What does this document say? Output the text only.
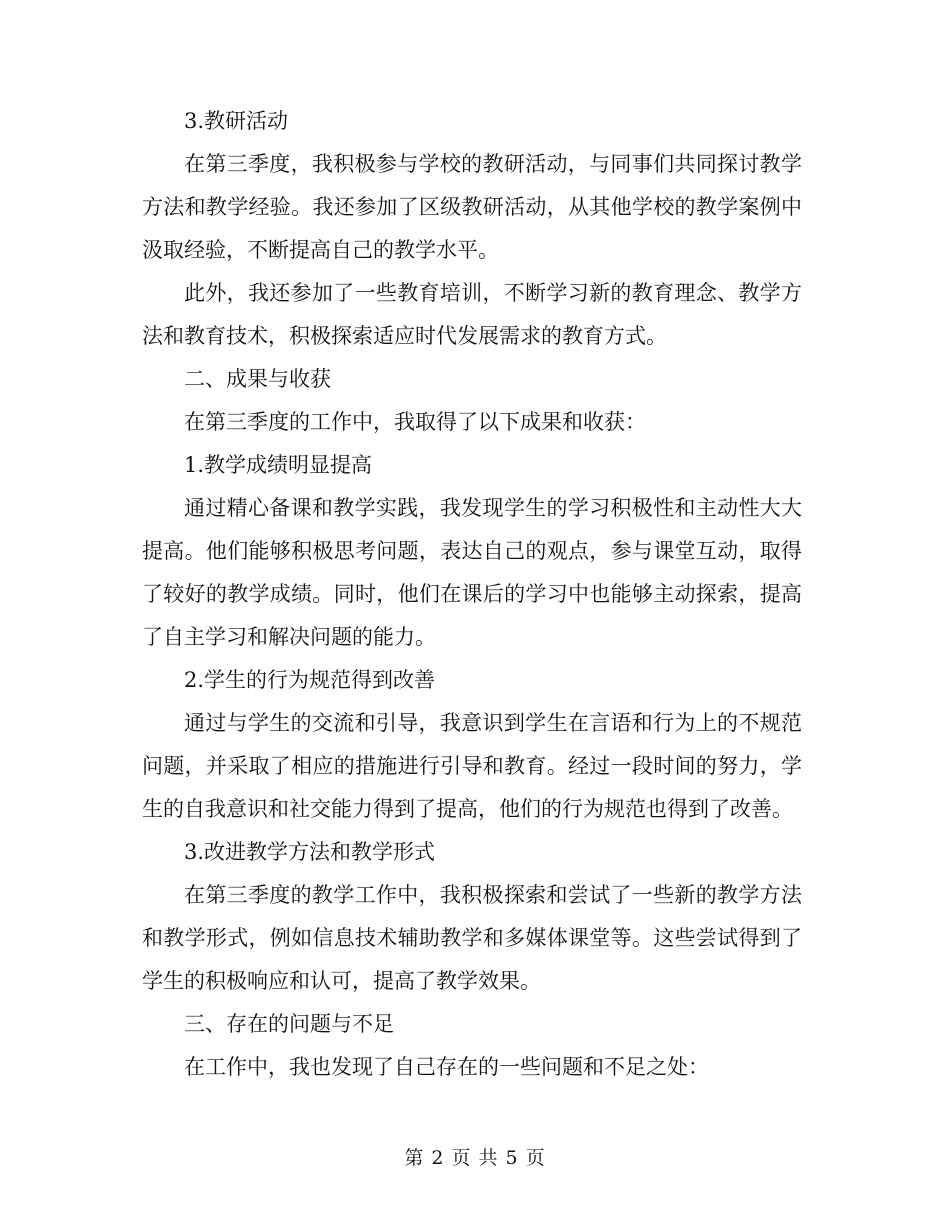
3.教研活动

在第三季度，我积极参与学校的教研活动，与同事们共同探讨教学方法和教学经验。我还参加了区级教研活动，从其他学校的教学案例中汲取经验，不断提高自己的教学水平。

此外，我还参加了一些教育培训，不断学习新的教育理念、教学方法和教育技术，积极探索适应时代发展需求的教育方式。

二、成果与收获

在第三季度的工作中，我取得了以下成果和收获：

1.教学成绩明显提高

通过精心备课和教学实践，我发现学生的学习积极性和主动性大大提高。他们能够积极思考问题，表达自己的观点，参与课堂互动，取得了较好的教学成绩。同时，他们在课后的学习中也能够主动探索，提高了自主学习和解决问题的能力。

2.学生的行为规范得到改善

通过与学生的交流和引导，我意识到学生在言语和行为上的不规范问题，并采取了相应的措施进行引导和教育。经过一段时间的努力，学生的自我意识和社交能力得到了提高，他们的行为规范也得到了改善。

3.改进教学方法和教学形式

在第三季度的教学工作中，我积极探索和尝试了一些新的教学方法和教学形式，例如信息技术辅助教学和多媒体课堂等。这些尝试得到了学生的积极响应和认可，提高了教学效果。

三、存在的问题与不足

在工作中，我也发现了自己存在的一些问题和不足之处：

第 2 页 共 5 页
